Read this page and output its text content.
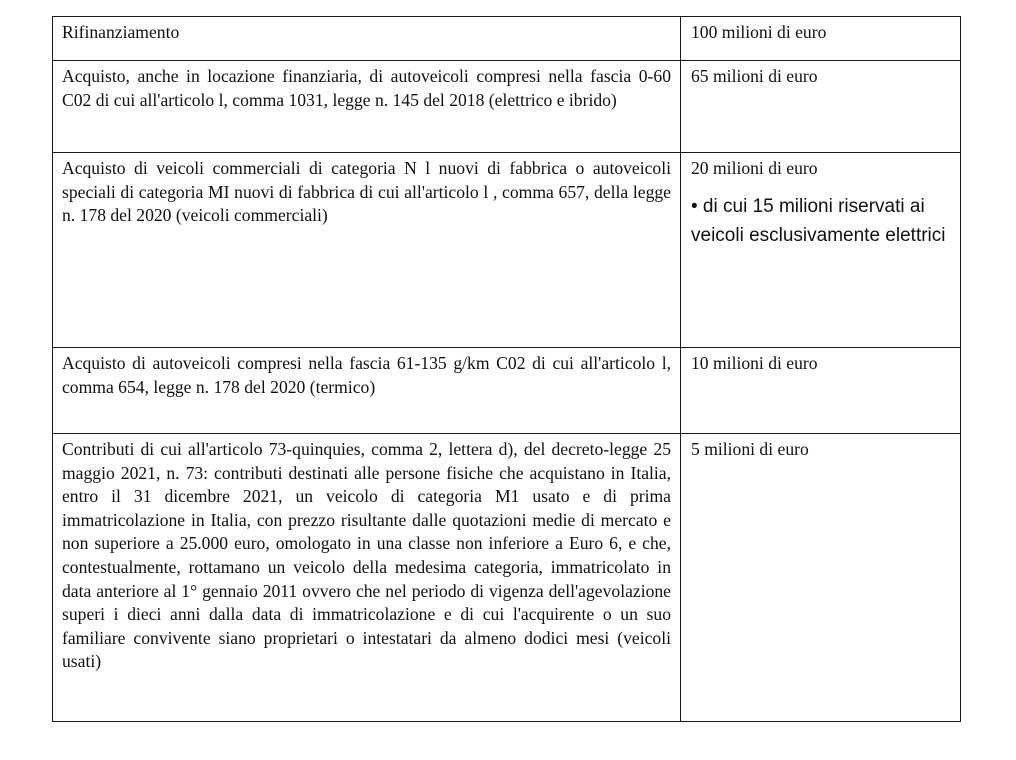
Rifinanziamento	100 milioni di euro
Acquisto, anche in locazione finanziaria, di autoveicoli compresi nella fascia 0-60 C02 di cui all'articolo l, comma 1031, legge n. 145 del 2018 (elettrico e ibrido)	65 milioni di euro
Acquisto di veicoli commerciali di categoria N l nuovi di fabbrica o autoveicoli speciali di categoria MI nuovi di fabbrica di cui all'articolo l , comma 657, della legge n. 178 del 2020 (veicoli commerciali)	20 milioni di euro
• di cui 15 milioni riservati ai veicoli esclusivamente elettrici

Acquisto di autoveicoli compresi nella fascia 61-135 g/km C02 di cui all'articolo l, comma 654, legge n. 178 del 2020 (termico)	10 milioni di euro
Contributi di cui all'articolo 73-quinquies, comma 2, lettera d), del decreto-legge 25 maggio 2021, n. 73: contributi destinati alle persone fisiche che acquistano in Italia, entro il 31 dicembre 2021, un veicolo di categoria M1 usato e di prima immatricolazione in Italia, con prezzo risultante dalle quotazioni medie di mercato e non superiore a 25.000 euro, omologato in una classe non inferiore a Euro 6, e che, contestualmente, rottamano un veicolo della medesima categoria, immatricolato in data anteriore al 1° gennaio 2011 ovvero che nel periodo di vigenza dell'agevolazione superi i dieci anni dalla data di immatricolazione e di cui l'acquirente o un suo familiare convivente siano proprietari o intestatari da almeno dodici mesi (veicoli usati)	5 milioni di euro
